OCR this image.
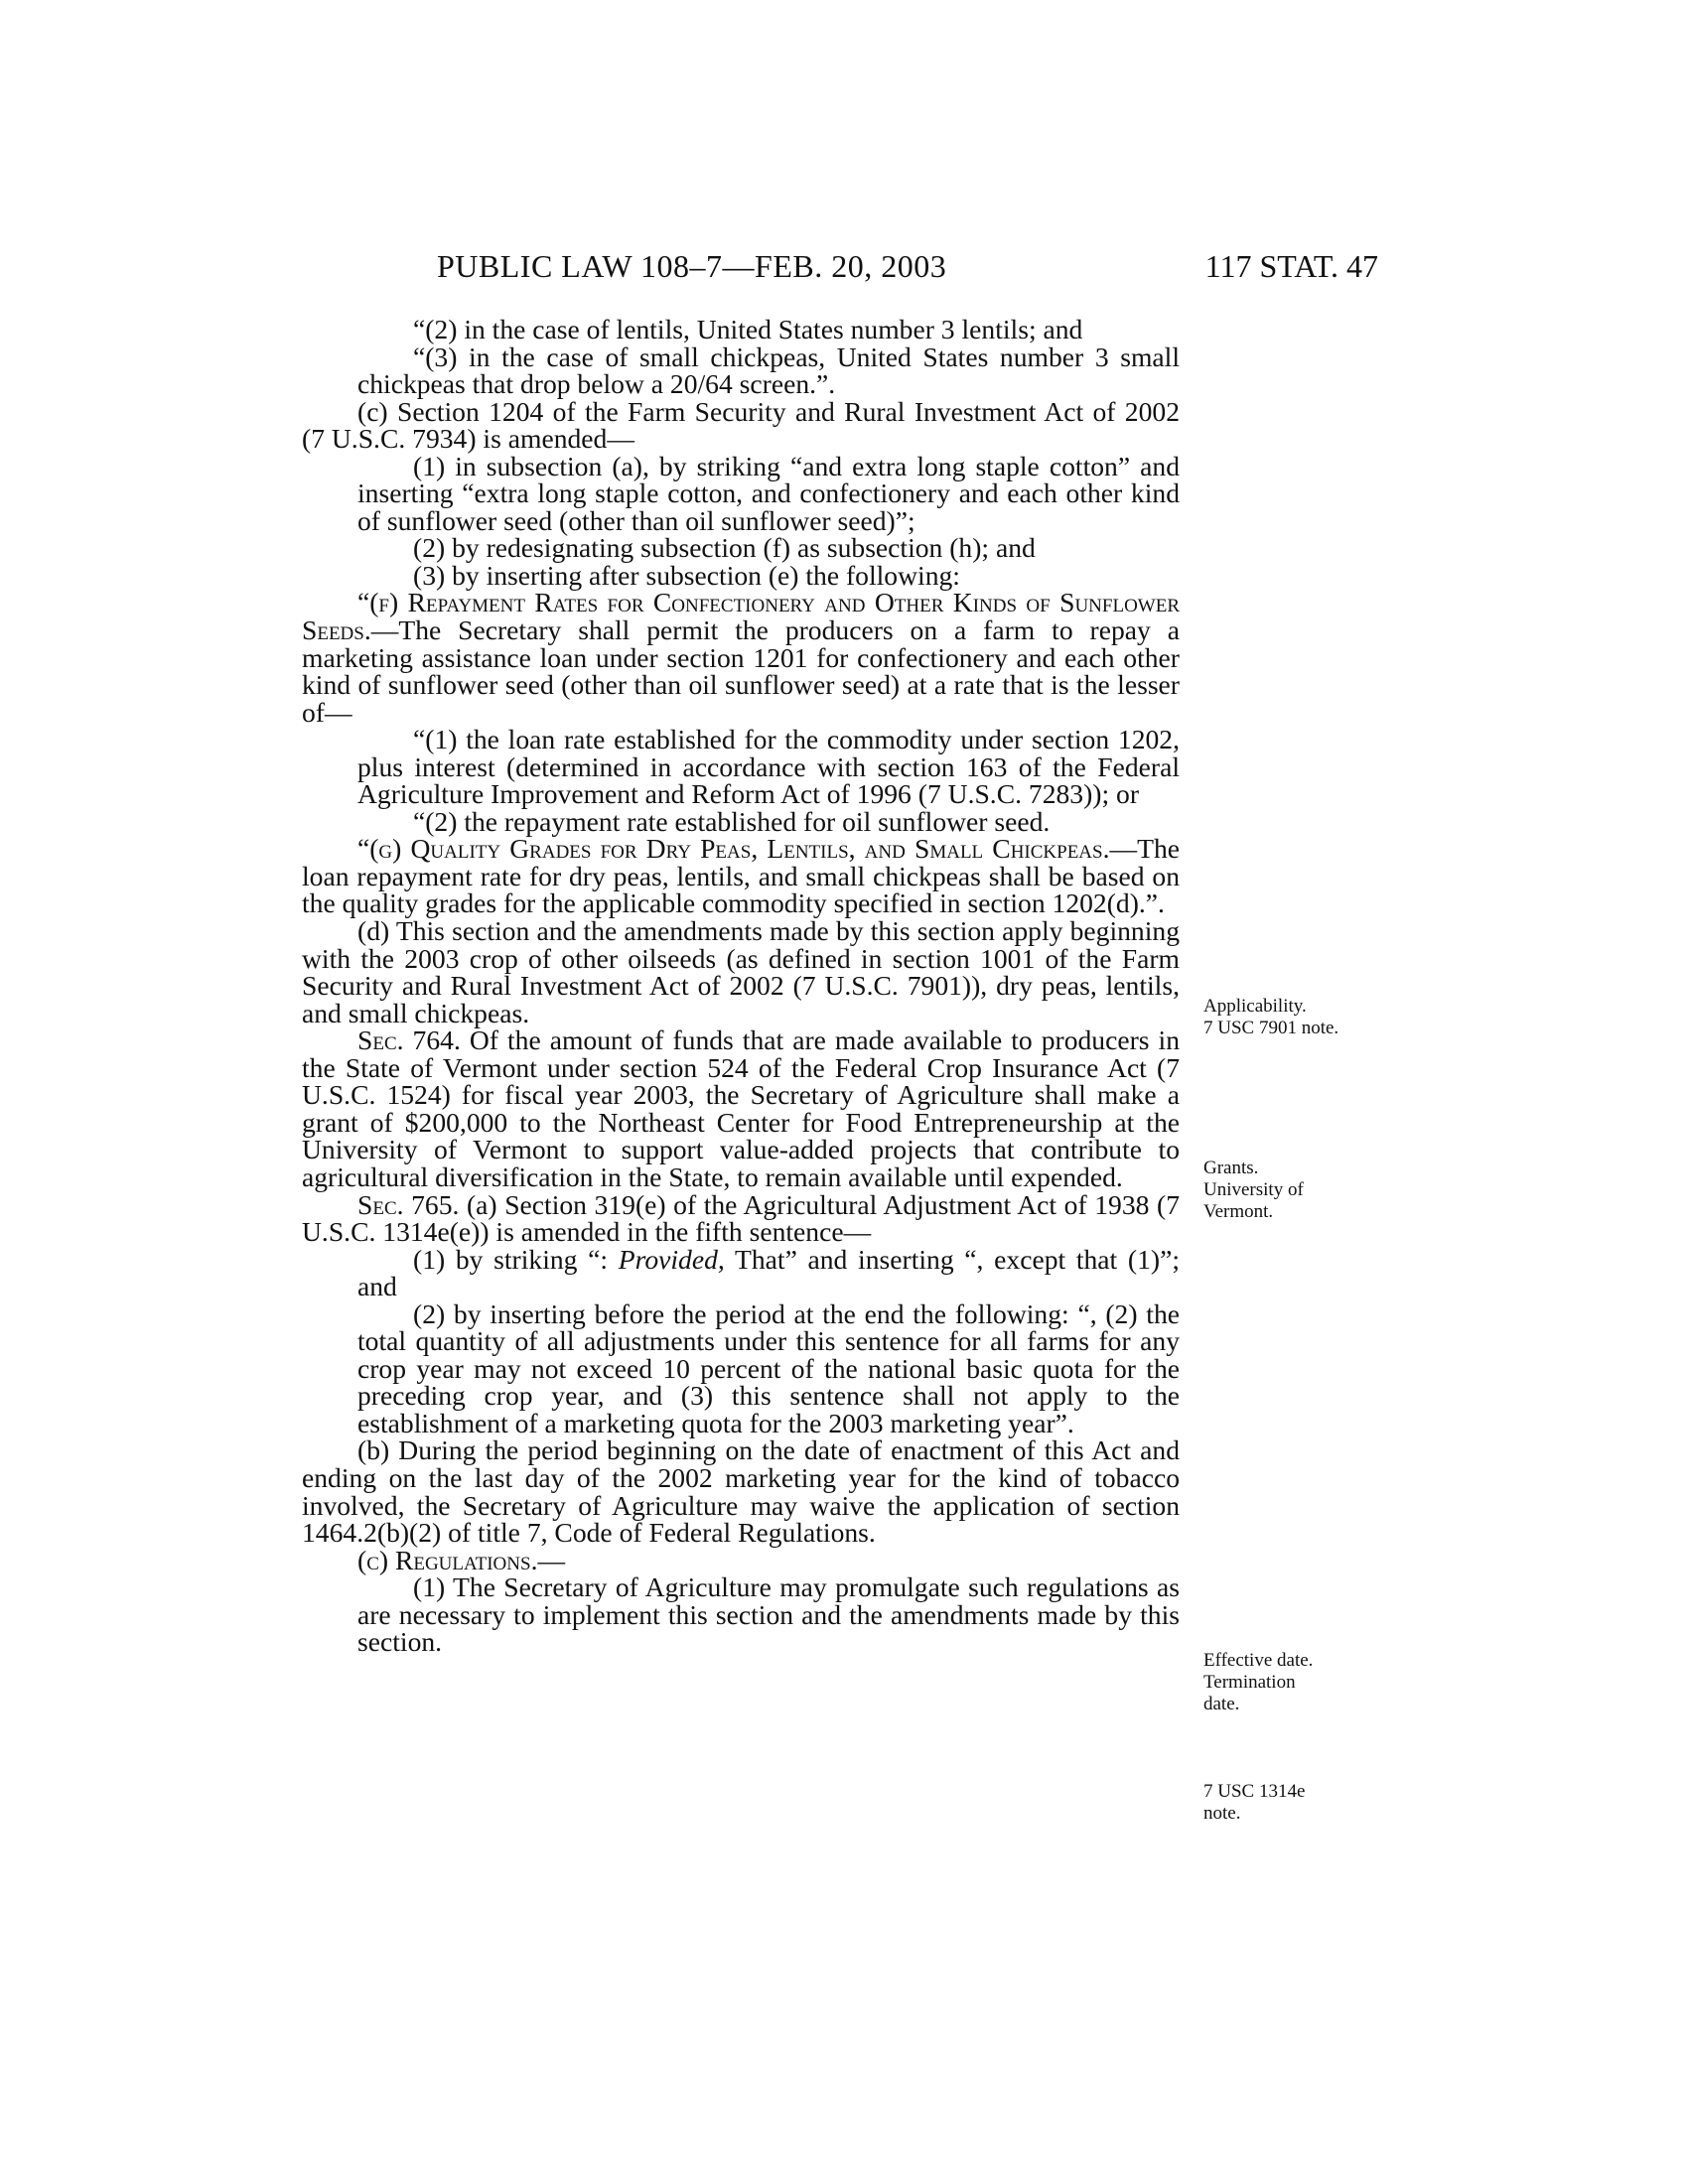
PUBLIC LAW 108–7—FEB. 20, 2003	117 STAT. 47

“(2) in the case of lentils, United States number 3 lentils; and

“(3) in the case of small chickpeas, United States number 3 small chickpeas that drop below a 20/64 screen.”.

(c) Section 1204 of the Farm Security and Rural Investment Act of 2002 (7 U.S.C. 7934) is amended—

(1) in subsection (a), by striking “and extra long staple cotton” and inserting “extra long staple cotton, and confectionery and each other kind of sunflower seed (other than oil sunflower seed)”;

(2) by redesignating subsection (f) as subsection (h); and

(3) by inserting after subsection (e) the following:

“(f) Repayment Rates for Confectionery and Other Kinds of Sunflower Seeds.—The Secretary shall permit the producers on a farm to repay a marketing assistance loan under section 1201 for confectionery and each other kind of sunflower seed (other than oil sunflower seed) at a rate that is the lesser of—

“(1) the loan rate established for the commodity under section 1202, plus interest (determined in accordance with section 163 of the Federal Agriculture Improvement and Reform Act of 1996 (7 U.S.C. 7283)); or

“(2) the repayment rate established for oil sunflower seed.

“(g) Quality Grades for Dry Peas, Lentils, and Small Chickpeas.—The loan repayment rate for dry peas, lentils, and small chickpeas shall be based on the quality grades for the applicable commodity specified in section 1202(d).”.

(d) This section and the amendments made by this section apply beginning with the 2003 crop of other oilseeds (as defined in section 1001 of the Farm Security and Rural Investment Act of 2002 (7 U.S.C. 7901)), dry peas, lentils, and small chickpeas.

Sec. 764. Of the amount of funds that are made available to producers in the State of Vermont under section 524 of the Federal Crop Insurance Act (7 U.S.C. 1524) for fiscal year 2003, the Secretary of Agriculture shall make a grant of $200,000 to the Northeast Center for Food Entrepreneurship at the University of Vermont to support value-added projects that contribute to agricultural diversification in the State, to remain available until expended.

Sec. 765. (a) Section 319(e) of the Agricultural Adjustment Act of 1938 (7 U.S.C. 1314e(e)) is amended in the fifth sentence—

(1) by striking “: Provided, That” and inserting “, except that (1)”; and

(2) by inserting before the period at the end the following: “, (2) the total quantity of all adjustments under this sentence for all farms for any crop year may not exceed 10 percent of the national basic quota for the preceding crop year, and (3) this sentence shall not apply to the establishment of a marketing quota for the 2003 marketing year”.

(b) During the period beginning on the date of enactment of this Act and ending on the last day of the 2002 marketing year for the kind of tobacco involved, the Secretary of Agriculture may waive the application of section 1464.2(b)(2) of title 7, Code of Federal Regulations.

(c) Regulations.—

(1) The Secretary of Agriculture may promulgate such regulations as are necessary to implement this section and the amendments made by this section.

Applicability.
7 USC 7901 note.
Grants.
University of
Vermont.
Effective date.
Termination
date.
7 USC 1314e
note.
